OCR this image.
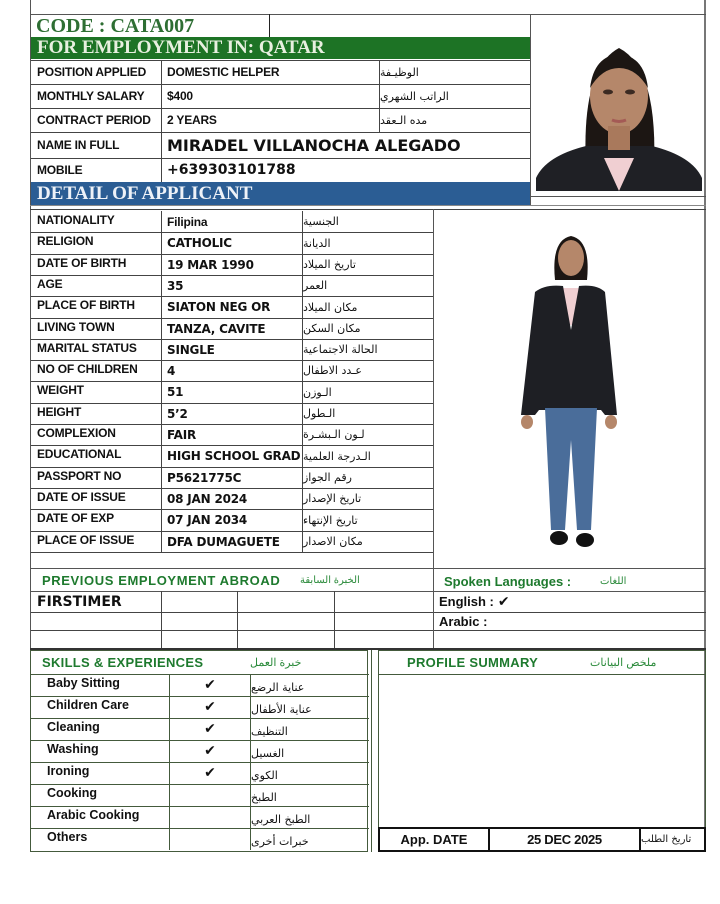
CODE : CATA007
FOR EMPLOYMENT IN: QATAR
POSITION APPLIED DOMESTIC HELPER	الوظيـفة
MONTHLY SALARY $400	الراتب الشهري
CONTRACT PERIOD 2 YEARS	مده الـعقد
NAME IN FULL	MIRADEL VILLANOCHA ALEGADO
MOBILE	+639303101788
DETAIL OF APPLICANT
NATIONALITY	Filipina	الجنسية
RELIGION	CATHOLIC	الديانة
DATE OF BIRTH	19 MAR 1990	تاريخ الميلاد
AGE	35	العمر
PLACE OF BIRTH	SIATON NEG OR	مكان الميلاد
LIVING TOWN	TANZA, CAVITE	مكان السكن
MARITAL STATUS	SINGLE	الحالة الاجتماعية
NO OF CHILDREN 4	عـدد الاطفال
WEIGHT	51	الـوزن
HEIGHT	5’2	الـطول
COMPLEXION	FAIR	لـون الـبشـرة
EDUCATIONAL	HIGH SCHOOL GRAD الـدرجة العلمية
PASSPORT NO	P5621775C	رقم الجواز
DATE OF ISSUE	08 JAN 2024	تاريخ الإصدار
DATE OF EXP	07 JAN 2034	تاريخ الإنتهاء
PLACE OF ISSUE	DFA DUMAGUETE مكان الاصدار
PREVIOUS EMPLOYMENT ABROAD الخبرة السابقة	Spoken Languages :	اللغات
FIRSTIMER	English : ✔
Arabic :
SKILLS & EXPERIENCES	خبرة العمل
Baby Sitting	✔	عناية الرضع
Children Care	✔	عناية الأطفال
Cleaning	✔	التنظيف
Washing	✔	الغسيل
Ironing	✔	الكوي
Cooking	الطبخ
Arabic Cooking	الطبخ العربي
Others	خبرات أخرى
PROFILE SUMMARY	ملخص البيانات
App. DATE	25 DEC 2025	تاريخ الطلب
